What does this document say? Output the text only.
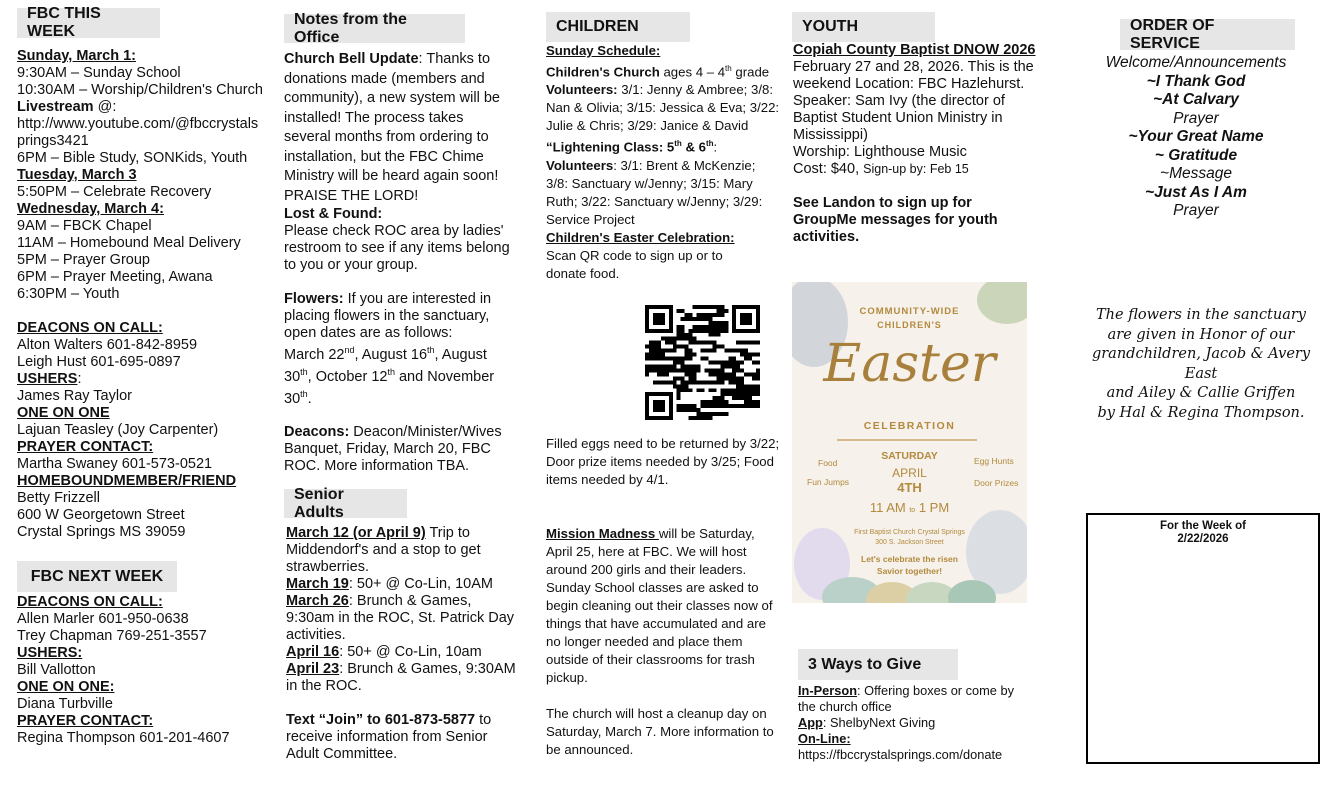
FBC THIS WEEK
Sunday, March 1:
9:30AM – Sunday School
10:30AM – Worship/Children's Church
Livestream @:
http://www.youtube.com/@fbccrystals
prings3421
6PM – Bible Study, SONKids, Youth
Tuesday, March 3
5:50PM – Celebrate Recovery
Wednesday, March 4:
9AM – FBCK Chapel
11AM – Homebound Meal Delivery
5PM – Prayer Group
6PM – Prayer Meeting, Awana
6:30PM – Youth
DEACONS ON CALL:
Alton Walters 601-842-8959
Leigh Hust 601-695-0897
USHERS:
James Ray Taylor
ONE ON ONE
Lajuan Teasley (Joy Carpenter)
PRAYER CONTACT:
Martha Swaney 601-573-0521
HOMEBOUNDMEMBER/FRIEND
Betty Frizzell
600 W Georgetown Street
Crystal Springs MS 39059
FBC NEXT WEEK
DEACONS ON CALL:
Allen Marler 601-950-0638
Trey Chapman 769-251-3557
USHERS:
Bill Vallotton
ONE ON ONE:
Diana Turbville
PRAYER CONTACT:
Regina Thompson 601-201-4607
Notes from the Office
Church Bell Update: Thanks to donations made (members and community), a new system will be installed! The process takes several months from ordering to installation, but the FBC Chime Ministry will be heard again soon! PRAISE THE LORD!
Lost & Found:
Please check ROC area by ladies' restroom to see if any items belong to you or your group.
Flowers: If you are interested in placing flowers in the sanctuary, open dates are as follows:
March 22nd, August 16th, August 30th, October 12th and November 30th.
Deacons: Deacon/Minister/Wives Banquet, Friday, March 20, FBC ROC. More information TBA.
Senior Adults
March 12 (or April 9) Trip to Middendorf's and a stop to get strawberries.
March 19: 50+ @ Co-Lin, 10AM
March 26: Brunch & Games, 9:30am in the ROC, St. Patrick Day activities.
April 16: 50+ @ Co-Lin, 10am
April 23: Brunch & Games, 9:30AM in the ROC.
Text “Join” to 601-873-5877 to receive information from Senior Adult Committee.
CHILDREN
Sunday Schedule:
Children's Church ages 4 – 4th grade
Volunteers: 3/1: Jenny & Ambree; 3/8: Nan & Olivia; 3/15: Jessica & Eva; 3/22: Julie & Chris; 3/29: Janice & David
“Lightening Class: 5th & 6th:
Volunteers: 3/1: Brent & McKenzie; 3/8: Sanctuary w/Jenny; 3/15: Mary Ruth; 3/22: Sanctuary w/Jenny; 3/29: Service Project
Children's Easter Celebration:
Scan QR code to sign up or to donate food.
Filled eggs need to be returned by 3/22; Door prize items needed by 3/25; Food items needed by 4/1.
Mission Madness will be Saturday, April 25, here at FBC. We will host around 200 girls and their leaders. Sunday School classes are asked to begin cleaning out their classes now of things that have accumulated and are no longer needed and place them outside of their classrooms for trash pickup.
The church will host a cleanup day on Saturday, March 7. More information to be announced.
YOUTH
Copiah County Baptist DNOW 2026
February 27 and 28, 2026. This is the weekend Location: FBC Hazlehurst. Speaker: Sam Ivy (the director of Baptist Student Union Ministry in Mississippi)
Worship: Lighthouse Music
Cost: $40, Sign-up by: Feb 15
See Landon to sign up for GroupMe messages for youth activities.
COMMUNITY-WIDE
CHILDREN'S
Easter
CELEBRATION
SATURDAY
APRIL
4TH
Food	Egg Hunts
Fun Jumps	Door Prizes
11 AM to 1 PM
First Baptist Church Crystal Springs
300 S. Jackson Street
Let's celebrate the risen Savior together!
3 Ways to Give
In-Person: Offering boxes or come by the church office
App: ShelbyNext Giving
On-Line:
https://fbccrystalsprings.com/donate
ORDER OF SERVICE
Welcome/Announcements
~I Thank God
~At Calvary
Prayer
~Your Great Name
~ Gratitude
~Message
~Just As I Am
Prayer
The flowers in the sanctuary
are given in Honor of our
grandchildren, Jacob & Avery East
and Ailey & Callie Griffen
by Hal & Regina Thompson.
For the Week of
2/22/2026
